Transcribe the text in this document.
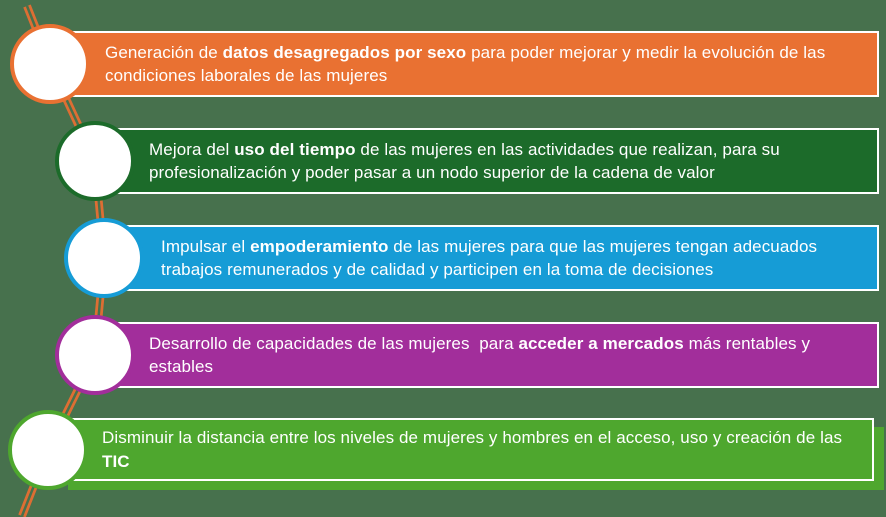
Generación de datos desagregados por sexo para poder mejorar y medir la evolución de las condiciones laborales de las mujeres
Mejora del uso del tiempo de las mujeres en las actividades que realizan, para su profesionalización y poder pasar a un nodo superior de la cadena de valor
Impulsar el empoderamiento de las mujeres para que las mujeres tengan adecuados trabajos remunerados y de calidad y participen en la toma de decisiones
Desarrollo de capacidades de las mujeres  para acceder a mercados más rentables y estables
Disminuir la distancia entre los niveles de mujeres y hombres en el acceso, uso y creación de las TIC
